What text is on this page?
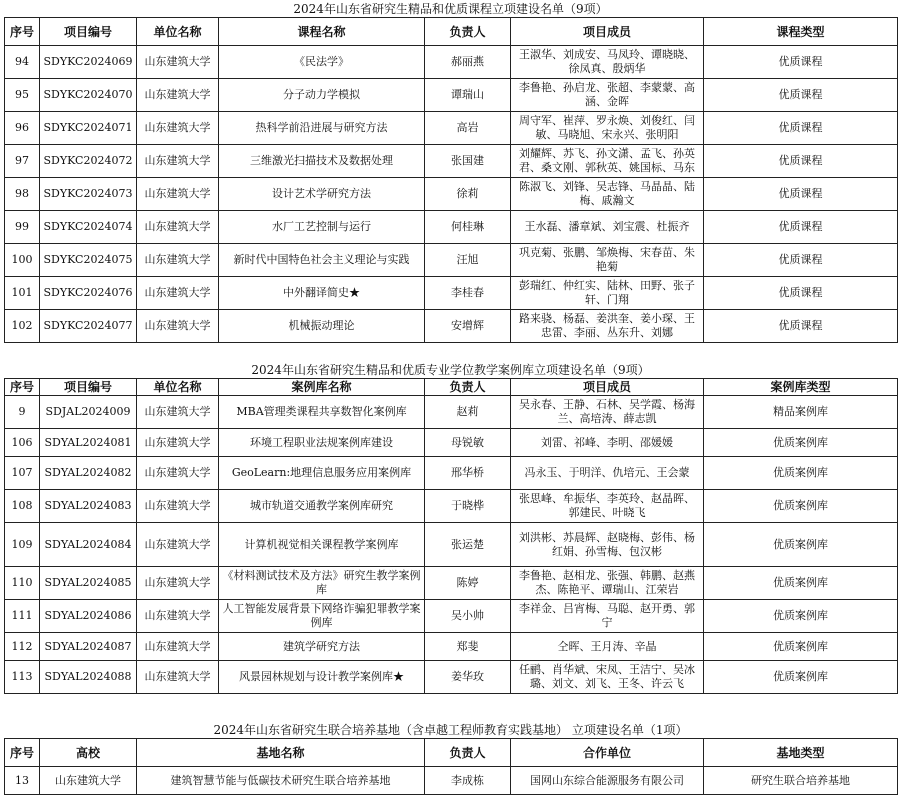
2024年山东省研究生精品和优质课程立项建设名单（9项）
序号	项目编号	单位名称	课程名称	负责人	项目成员	课程类型
94	SDYKC2024069	山东建筑大学	《民法学》	郝丽燕	王淑华、刘成安、马凤玲、谭晓晓、徐凤真、殷炳华	优质课程
95	SDYKC2024070	山东建筑大学	分子动力学模拟	谭瑞山	李鲁艳、孙启龙、张超、李蒙蒙、高涵、金晖	优质课程
96	SDYKC2024071	山东建筑大学	热科学前沿进展与研究方法	高岩	周守军、崔萍、罗永焕、刘俊红、闫敏、马晓旭、宋永兴、张明阳	优质课程
97	SDYKC2024072	山东建筑大学	三维激光扫描技术及数据处理	张国建	刘耀辉、苏飞、孙文潇、孟飞、孙英君、桑文刚、郭秋英、姚国标、马东	优质课程
98	SDYKC2024073	山东建筑大学	设计艺术学研究方法	徐莉	陈淑飞、刘锋、吴志锋、马晶晶、陆梅、戚瀚文	优质课程
99	SDYKC2024074	山东建筑大学	水厂工艺控制与运行	何桂琳	王水磊、潘章斌、刘宝震、杜振齐	优质课程
100	SDYKC2024075	山东建筑大学	新时代中国特色社会主义理论与实践	汪旭	巩克菊、张鹏、邹焕梅、宋春苗、朱艳菊	优质课程
101	SDYKC2024076	山东建筑大学	中外翻译简史★	李桂春	彭瑞红、仲红实、陆林、田野、张子轩、门翔	优质课程
102	SDYKC2024077	山东建筑大学	机械振动理论	安增辉	路来骁、杨磊、姜洪奎、姜小琛、王忠雷、李丽、丛东升、刘娜	优质课程
2024年山东省研究生精品和优质专业学位教学案例库立项建设名单（9项）
序号	项目编号	单位名称	案例库名称	负责人	项目成员	案例库类型
9	SDJAL2024009	山东建筑大学	MBA管理类课程共享数智化案例库	赵莉	吴永春、王静、石林、吴学霞、杨海兰、高培涛、薛志凯	精品案例库
106	SDYAL2024081	山东建筑大学	环境工程职业法规案例库建设	母锐敏	刘雷、祁峰、李明、邵媛媛	优质案例库
107	SDYAL2024082	山东建筑大学	GeoLearn:地理信息服务应用案例库	邢华桥	冯永玉、于明洋、仇培元、王会蒙	优质案例库
108	SDYAL2024083	山东建筑大学	城市轨道交通教学案例库研究	于晓桦	张思峰、牟振华、李英玲、赵晶晖、郭建民、叶晓飞	优质案例库
109	SDYAL2024084	山东建筑大学	计算机视觉相关课程教学案例库	张运楚	刘洪彬、苏晨辉、赵晓梅、彭伟、杨红娟、孙雪梅、包汉彬	优质案例库
110	SDYAL2024085	山东建筑大学	《材料测试技术及方法》研究生教学案例库	陈婷	李鲁艳、赵相龙、张强、韩鹏、赵燕杰、陈艳平、谭瑞山、江荣岩	优质案例库
111	SDYAL2024086	山东建筑大学	人工智能发展背景下网络诈骗犯罪教学案例库	吴小帅	李祥金、吕宵梅、马聪、赵开勇、郭宁	优质案例库
112	SDYAL2024087	山东建筑大学	建筑学研究方法	郑斐	仝晖、王月涛、辛晶	优质案例库
113	SDYAL2024088	山东建筑大学	风景园林规划与设计教学案例库★	姜华玫	任鹂、肖华斌、宋凤、王洁宁、吴冰璐、刘文、刘飞、王冬、许云飞	优质案例库
2024年山东省研究生联合培养基地（含卓越工程师教育实践基地） 立项建设名单（1项）
序号	高校	基地名称	负责人	合作单位	基地类型
13	山东建筑大学	建筑智慧节能与低碳技术研究生联合培养基地	李成栋	国网山东综合能源服务有限公司	研究生联合培养基地
